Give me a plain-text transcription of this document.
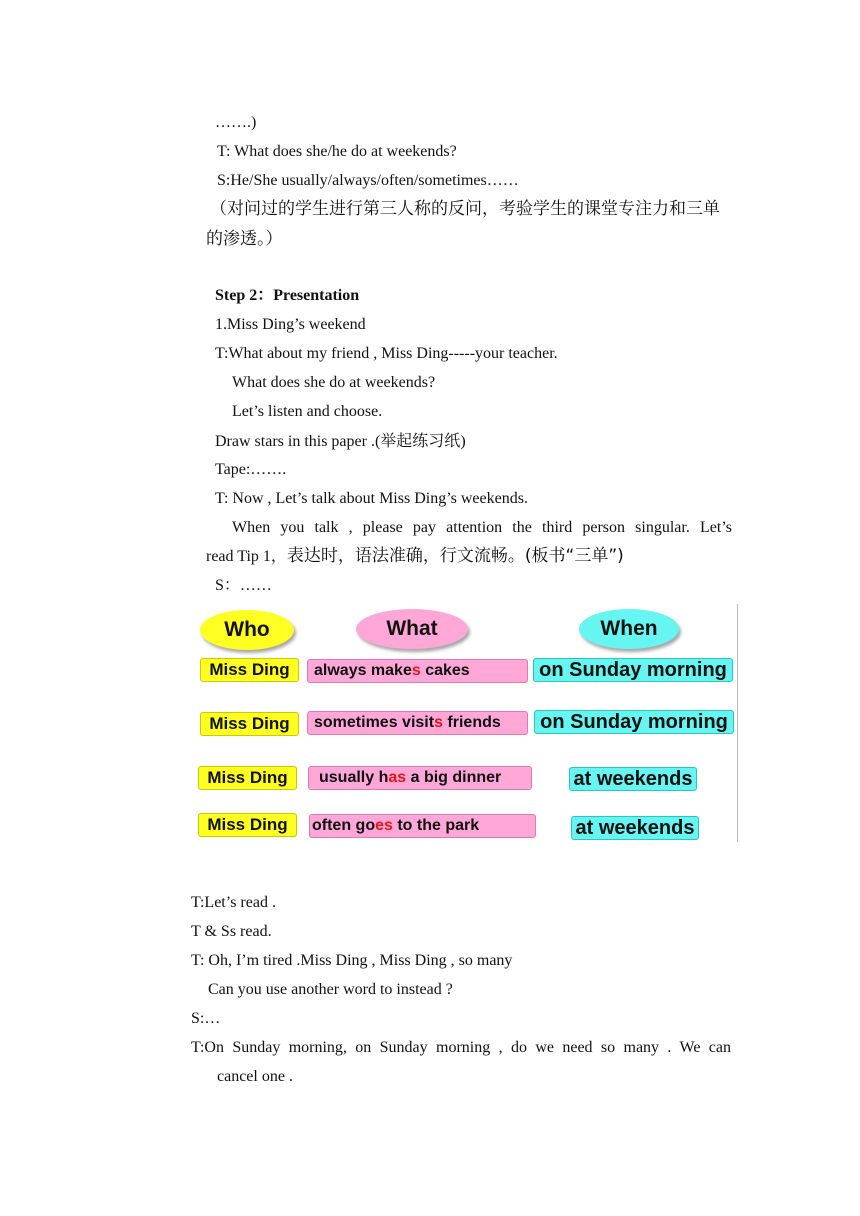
…….)
T: What does she/he do at weekends?
S:He/She usually/always/often/sometimes……
（对问过的学生进行第三人称的反问，考验学生的课堂专注力和三单
的渗透。）
Step 2：Presentation
1.Miss Ding’s weekend
T:What about my friend , Miss Ding-----your teacher.
What does she do at weekends?
Let’s listen and choose.
Draw stars in this paper .(举起练习纸)
Tape:…….
T: Now , Let’s talk about Miss Ding’s weekends.
When you talk , please pay attention the third person singular. Let’s
read Tip 1，表达时，语法准确，行文流畅。(板书“三单”)
S：……
Who	What	When
Miss Ding	always make s cakes	on Sunday morning
Miss Ding	sometimes visit s friends	on Sunday morning
Miss Ding	usually h as a big dinner	at weekends
Miss Ding	often go es to the park	at weekends
T:Let’s read .
T & Ss read.
T: Oh, I’m tired .Miss Ding , Miss Ding , so many
Can you use another word to instead ?
S:…
T:On Sunday morning, on Sunday morning , do we need so many . We can
cancel one .
